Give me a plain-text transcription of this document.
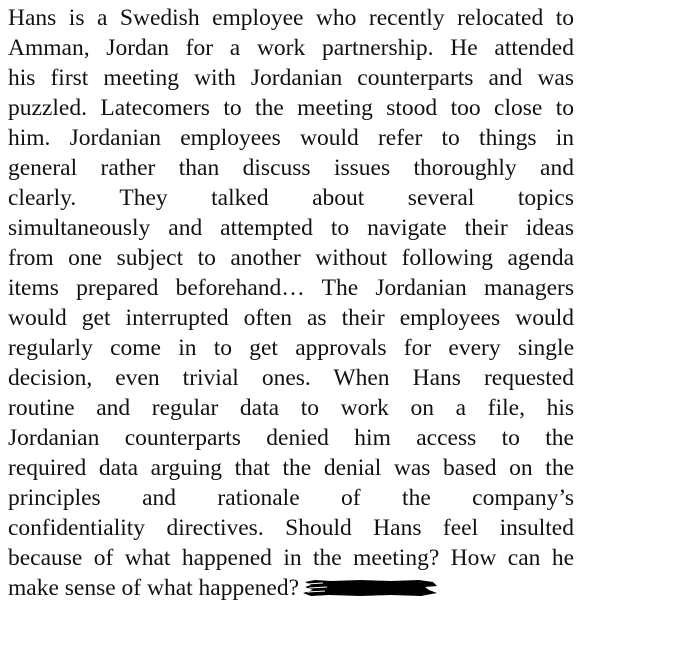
Hans is a Swedish employee who recently relocated to
Amman, Jordan for a work partnership. He attended
his first meeting with Jordanian counterparts and was
puzzled. Latecomers to the meeting stood too close to
him. Jordanian employees would refer to things in
general rather than discuss issues thoroughly and
clearly. They talked about several topics
simultaneously and attempted to navigate their ideas
from one subject to another without following agenda
items prepared beforehand… The Jordanian managers
would get interrupted often as their employees would
regularly come in to get approvals for every single
decision, even trivial ones. When Hans requested
routine and regular data to work on a file, his
Jordanian counterparts denied him access to the
required data arguing that the denial was based on the
principles and rationale of the company’s
confidentiality directives. Should Hans feel insulted
because of what happened in the meeting? How can he
make sense of what happened?
